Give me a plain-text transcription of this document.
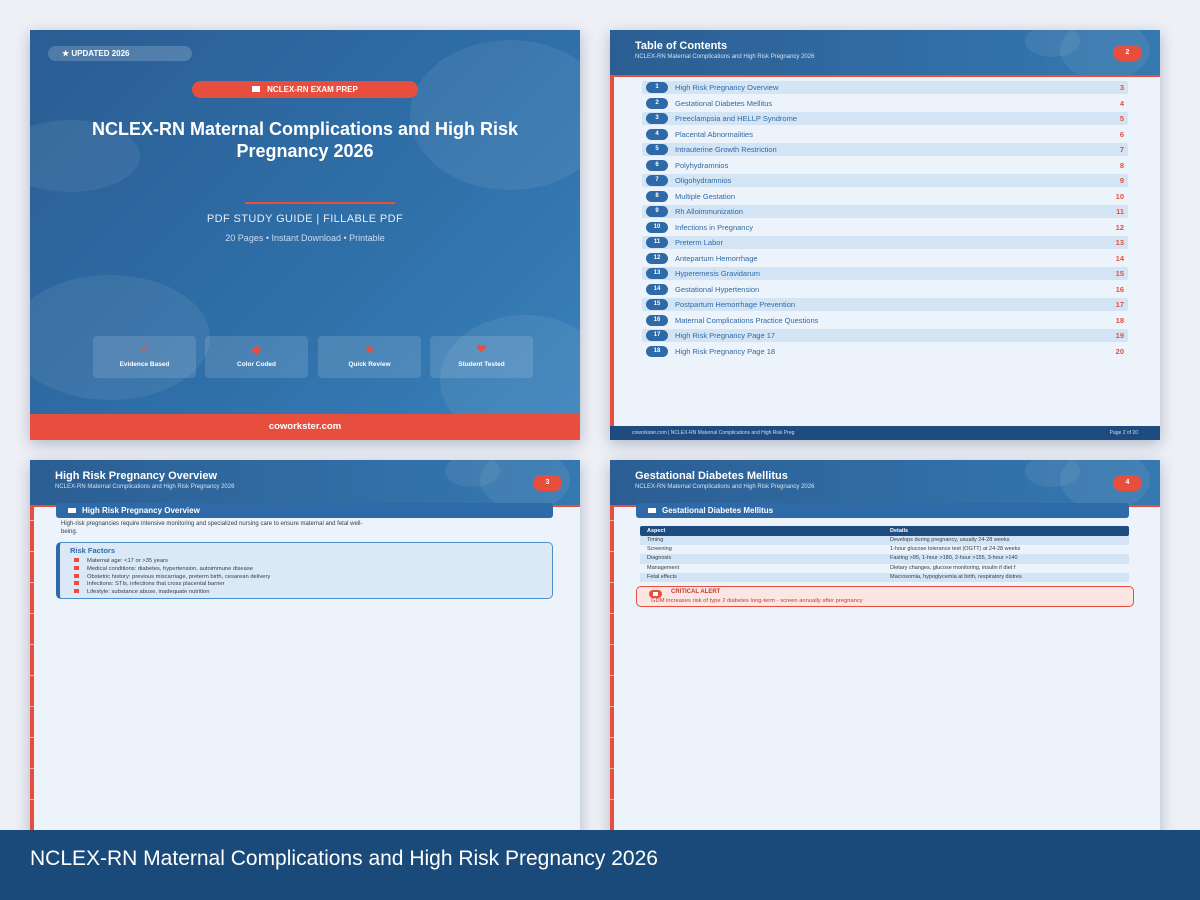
★ UPDATED 2026
NCLEX-RN EXAM PREP
NCLEX-RN Maternal Complications and High Risk Pregnancy 2026
PDF STUDY GUIDE | FILLABLE PDF
20 Pages • Instant Download • Printable
✓
Evidence Based
◆
Color Coded
■
Quick Review
❤
Student Tested
coworkster.com
Table of Contents
NCLEX-RN Maternal Complications and High Risk Pregnancy 2026
2
1	High Risk Pregnancy Overview	3
2	Gestational Diabetes Mellitus	4
3	Preeclampsia and HELLP Syndrome	5
4	Placental Abnormalities	6
5	Intrauterine Growth Restriction	7
6	Polyhydramnios	8
7	Oligohydramnios	9
8	Multiple Gestation	10
9	Rh Alloimmunization	11
10	Infections in Pregnancy	12
11	Preterm Labor	13
12	Antepartum Hemorrhage	14
13	Hyperemesis Gravidarum	15
14	Gestational Hypertension	16
15	Postpartum Hemorrhage Prevention	17
16	Maternal Complications Practice Questions	18
17	High Risk Pregnancy Page 17	19
18	High Risk Pregnancy Page 18	20
coworkster.com | NCLEX-RN Maternal Complications and High Risk Preg	Page 2 of 20
High Risk Pregnancy Overview
NCLEX-RN Maternal Complications and High Risk Pregnancy 2026
3
High Risk Pregnancy Overview
High-risk pregnancies require intensive monitoring and specialized nursing care to ensure maternal and fetal well-being.
Risk Factors
Maternal age: <17 or >35 years
Medical conditions: diabetes, hypertension, autoimmune disease
Obstetric history: previous miscarriage, preterm birth, cesarean delivery
Infections: STIs, infections that cross placental barrier
Lifestyle: substance abuse, inadequate nutrition
Gestational Diabetes Mellitus
NCLEX-RN Maternal Complications and High Risk Pregnancy 2026
4
Gestational Diabetes Mellitus
Aspect	Details
Timing	Develops during pregnancy, usually 24-28 weeks
Screening	1-hour glucose tolerance test (OGTT) at 24-28 weeks
Diagnosis	Fasting >95, 1-hour >180, 2-hour >155, 3-hour >140
Management	Dietary changes, glucose monitoring, insulin if diet f
Fetal effects	Macrosomia, hypoglycemia at birth, respiratory distres
CRITICAL ALERT
GDM increases risk of type 2 diabetes long-term - screen annually after pregnancy
NCLEX-RN Maternal Complications and High Risk Pregnancy 2026
